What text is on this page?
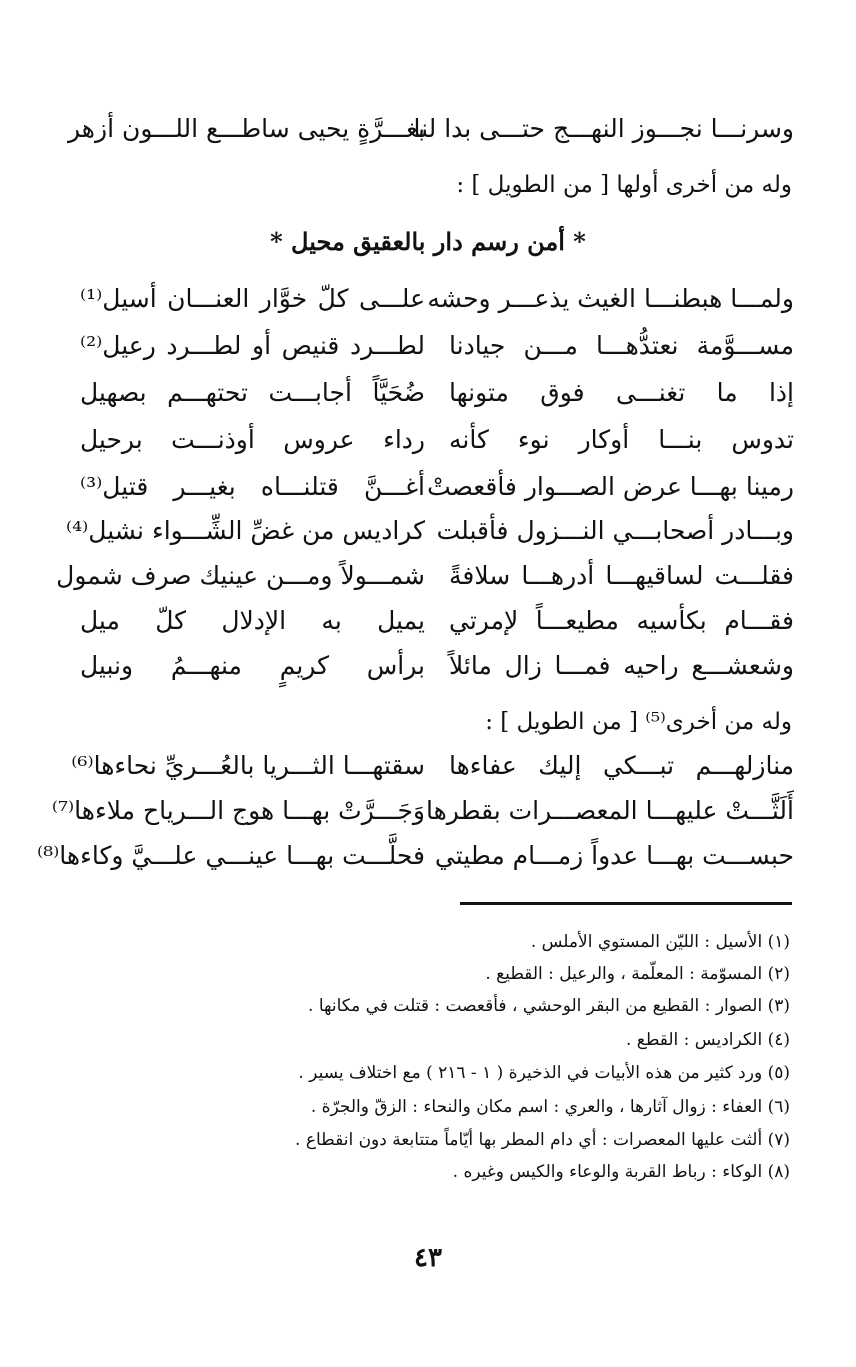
وسرنـــا نجـــوز النهـــج حتـــى بدا لنا
بغـــرَّةٍ يحيى ساطـــع اللـــون أزهر
وله من أخرى أولها [ من الطويل ] :
* أمن رسم دار بالعقيق محيل *
ولمـــا هبطنـــا الغيث يذعـــر وحشه
علـــى كلّ خوَّار العنـــان أسيل⁽¹⁾
مســـوَّمة نعتدُّهـــا مـــن جيادنا
لطـــرد قنيص أو لطـــرد رعيل⁽²⁾
إذا ما تغنـــى فوق متونها
ضُحَيَّاً أجابـــت تحتهـــم بصهيل
تدوس بنـــا أوكار نوء كأنه
رداء عروس أوذنـــت برحيل
رمينا بهـــا عرض الصـــوار فأقعصتْ
أغـــنَّ قتلنـــاه بغيـــر قتيل⁽³⁾
وبـــادر أصحابـــي النـــزول فأقبلت
كراديس من غضِّ الشِّـــواء نشيل⁽⁴⁾
فقلـــت لساقيهـــا أدرهـــا سلافةً
شمـــولاً ومـــن عينيك صرف شمول
فقـــام بكأسيه مطيعـــاً لإمرتي
يميل به الإدلال كلّ ميل
وشعشـــع راحيه فمـــا زال مائلاً
برأس كريمٍ منهـــمُ ونبيل
وله من أخرى⁽⁵⁾ [ من الطويل ] :
منازلهـــم تبـــكي إليك عفاءها
سقتهـــا الثـــريا بالعُـــريِّ نحاءها⁽⁶⁾
أَلَثَّـــتْ عليهـــا المعصـــرات بقطرها
وَجَـــرَّتْ بهـــا هوج الـــرياح ملاءها⁽⁷⁾
حبســـت بهـــا عدواً زمـــام مطيتي
فحلَّـــت بهـــا عينـــي علـــيَّ وكاءها⁽⁸⁾
(١) الأسيل : الليّن المستوي الأملس .
(٢) المسوّمة : المعلّمة ، والرعيل : القطيع .
(٣) الصوار : القطيع من البقر الوحشي ، فأقعصت : قتلت في مكانها .
(٤) الكراديس : القطع .
(٥) ورد كثير من هذه الأبيات في الذخيرة ( ١ - ٢١٦ ) مع اختلاف يسير .
(٦) العفاء : زوال آثارها ، والعري : اسم مكان والنحاء : الزقّ والجرّة .
(٧) ألثت عليها المعصرات : أي دام المطر بها أيّاماً متتابعة دون انقطاع .
(٨) الوكاء : رباط القربة والوعاء والكيس وغيره .
٤٣
